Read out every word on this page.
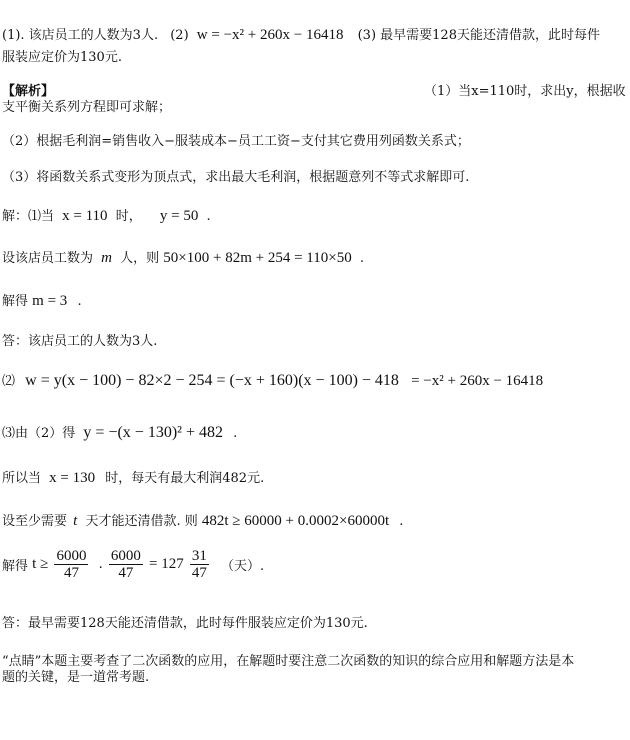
(1). 该店员工的人数为3人. (2) w = −x² + 260x − 16418 (3) 最早需要128天能还清借款，此时每件
服装应定价为130元.
【解析】	（1）当x=110时，求出y，根据收
支平衡关系列方程即可求解；
（2）根据毛利润=销售收入−服装成本−员工工资−支付其它费用列函数关系式；
（3）将函数关系式变形为顶点式，求出最大毛利润，根据题意列不等式求解即可.
解：⑴当 x = 110 时， y = 50 .
设该店员工数为 m 人，则 50×100 + 82m + 254 = 110×50 .
解得 m = 3 .
答：该店员工的人数为3人.
⑵ w = y(x − 100) − 82×2 − 254 = (−x + 160)(x − 100) − 418 = −x² + 260x − 16418
⑶由（2）得 y = −(x − 130)² + 482 .
所以当 x = 130 时，每天有最大利润482元.
设至少需要 t 天才能还清借款. 则 482t ≥ 60000 + 0.0002×60000t .
解得 $t \ge \frac{6000}{47}$ . $\frac{6000}{47} = 127 \frac{31}{47}$ （天）.
答：最早需要128天能还清借款，此时每件服装应定价为130元.
“点睛”本题主要考查了二次函数的应用，在解题时要注意二次函数的知识的综合应用和解题方法是本
题的关键，是一道常考题.
